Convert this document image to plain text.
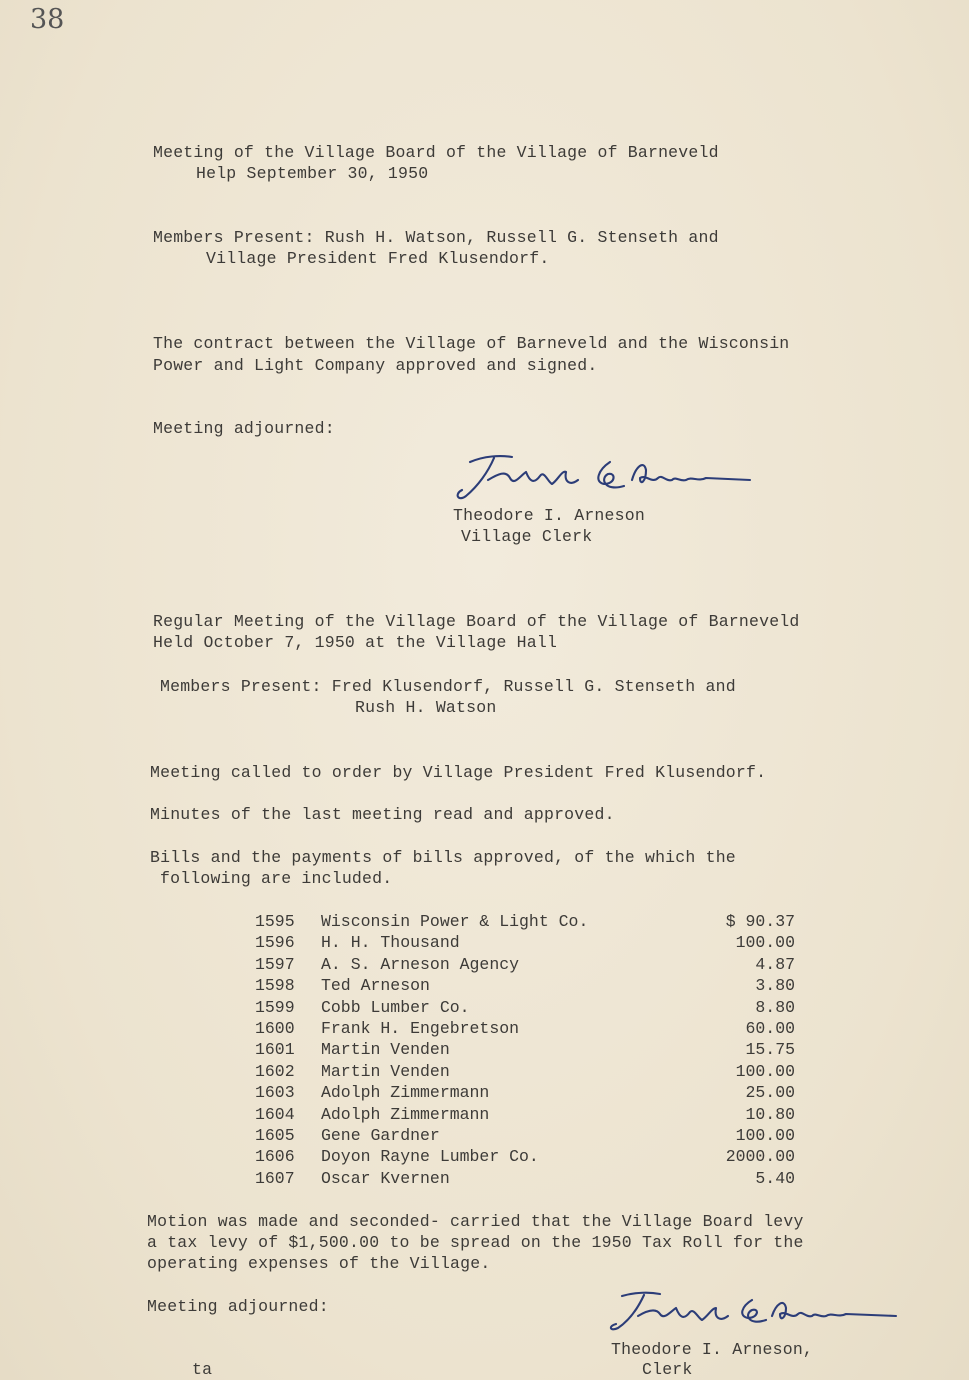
38
Meeting of the Village Board of the Village of Barneveld
Help September 30, 1950
Members Present: Rush H. Watson, Russell G. Stenseth and
Village President Fred Klusendorf.
The contract between the Village of Barneveld and the Wisconsin
Power and Light Company approved and signed.
Meeting adjourned:
Theodore I. Arneson
Village Clerk
Regular Meeting of the Village Board of the Village of Barneveld
Held October 7, 1950 at the Village Hall
Members Present: Fred Klusendorf, Russell G. Stenseth and
Rush H. Watson
Meeting called to order by Village President Fred Klusendorf.
Minutes of the last meeting read and approved.
Bills and the payments of bills approved, of the which the
following are included.
1595 Wisconsin Power & Light Co.	$ 90.37
1596 H. H. Thousand	100.00
1597 A. S. Arneson Agency	4.87
1598 Ted Arneson	3.80
1599 Cobb Lumber Co.	8.80
1600 Frank H. Engebretson	60.00
1601 Martin Venden	15.75
1602 Martin Venden	100.00
1603 Adolph Zimmermann	25.00
1604 Adolph Zimmermann	10.80
1605 Gene Gardner	100.00
1606 Doyon Rayne Lumber Co.	2000.00
1607 Oscar Kvernen	5.40
Motion was made and seconded- carried that the Village Board levy
a tax levy of $1,500.00 to be spread on the 1950 Tax Roll for the
operating expenses of the Village.
Meeting adjourned:
Theodore I. Arneson,
Clerk
ta
